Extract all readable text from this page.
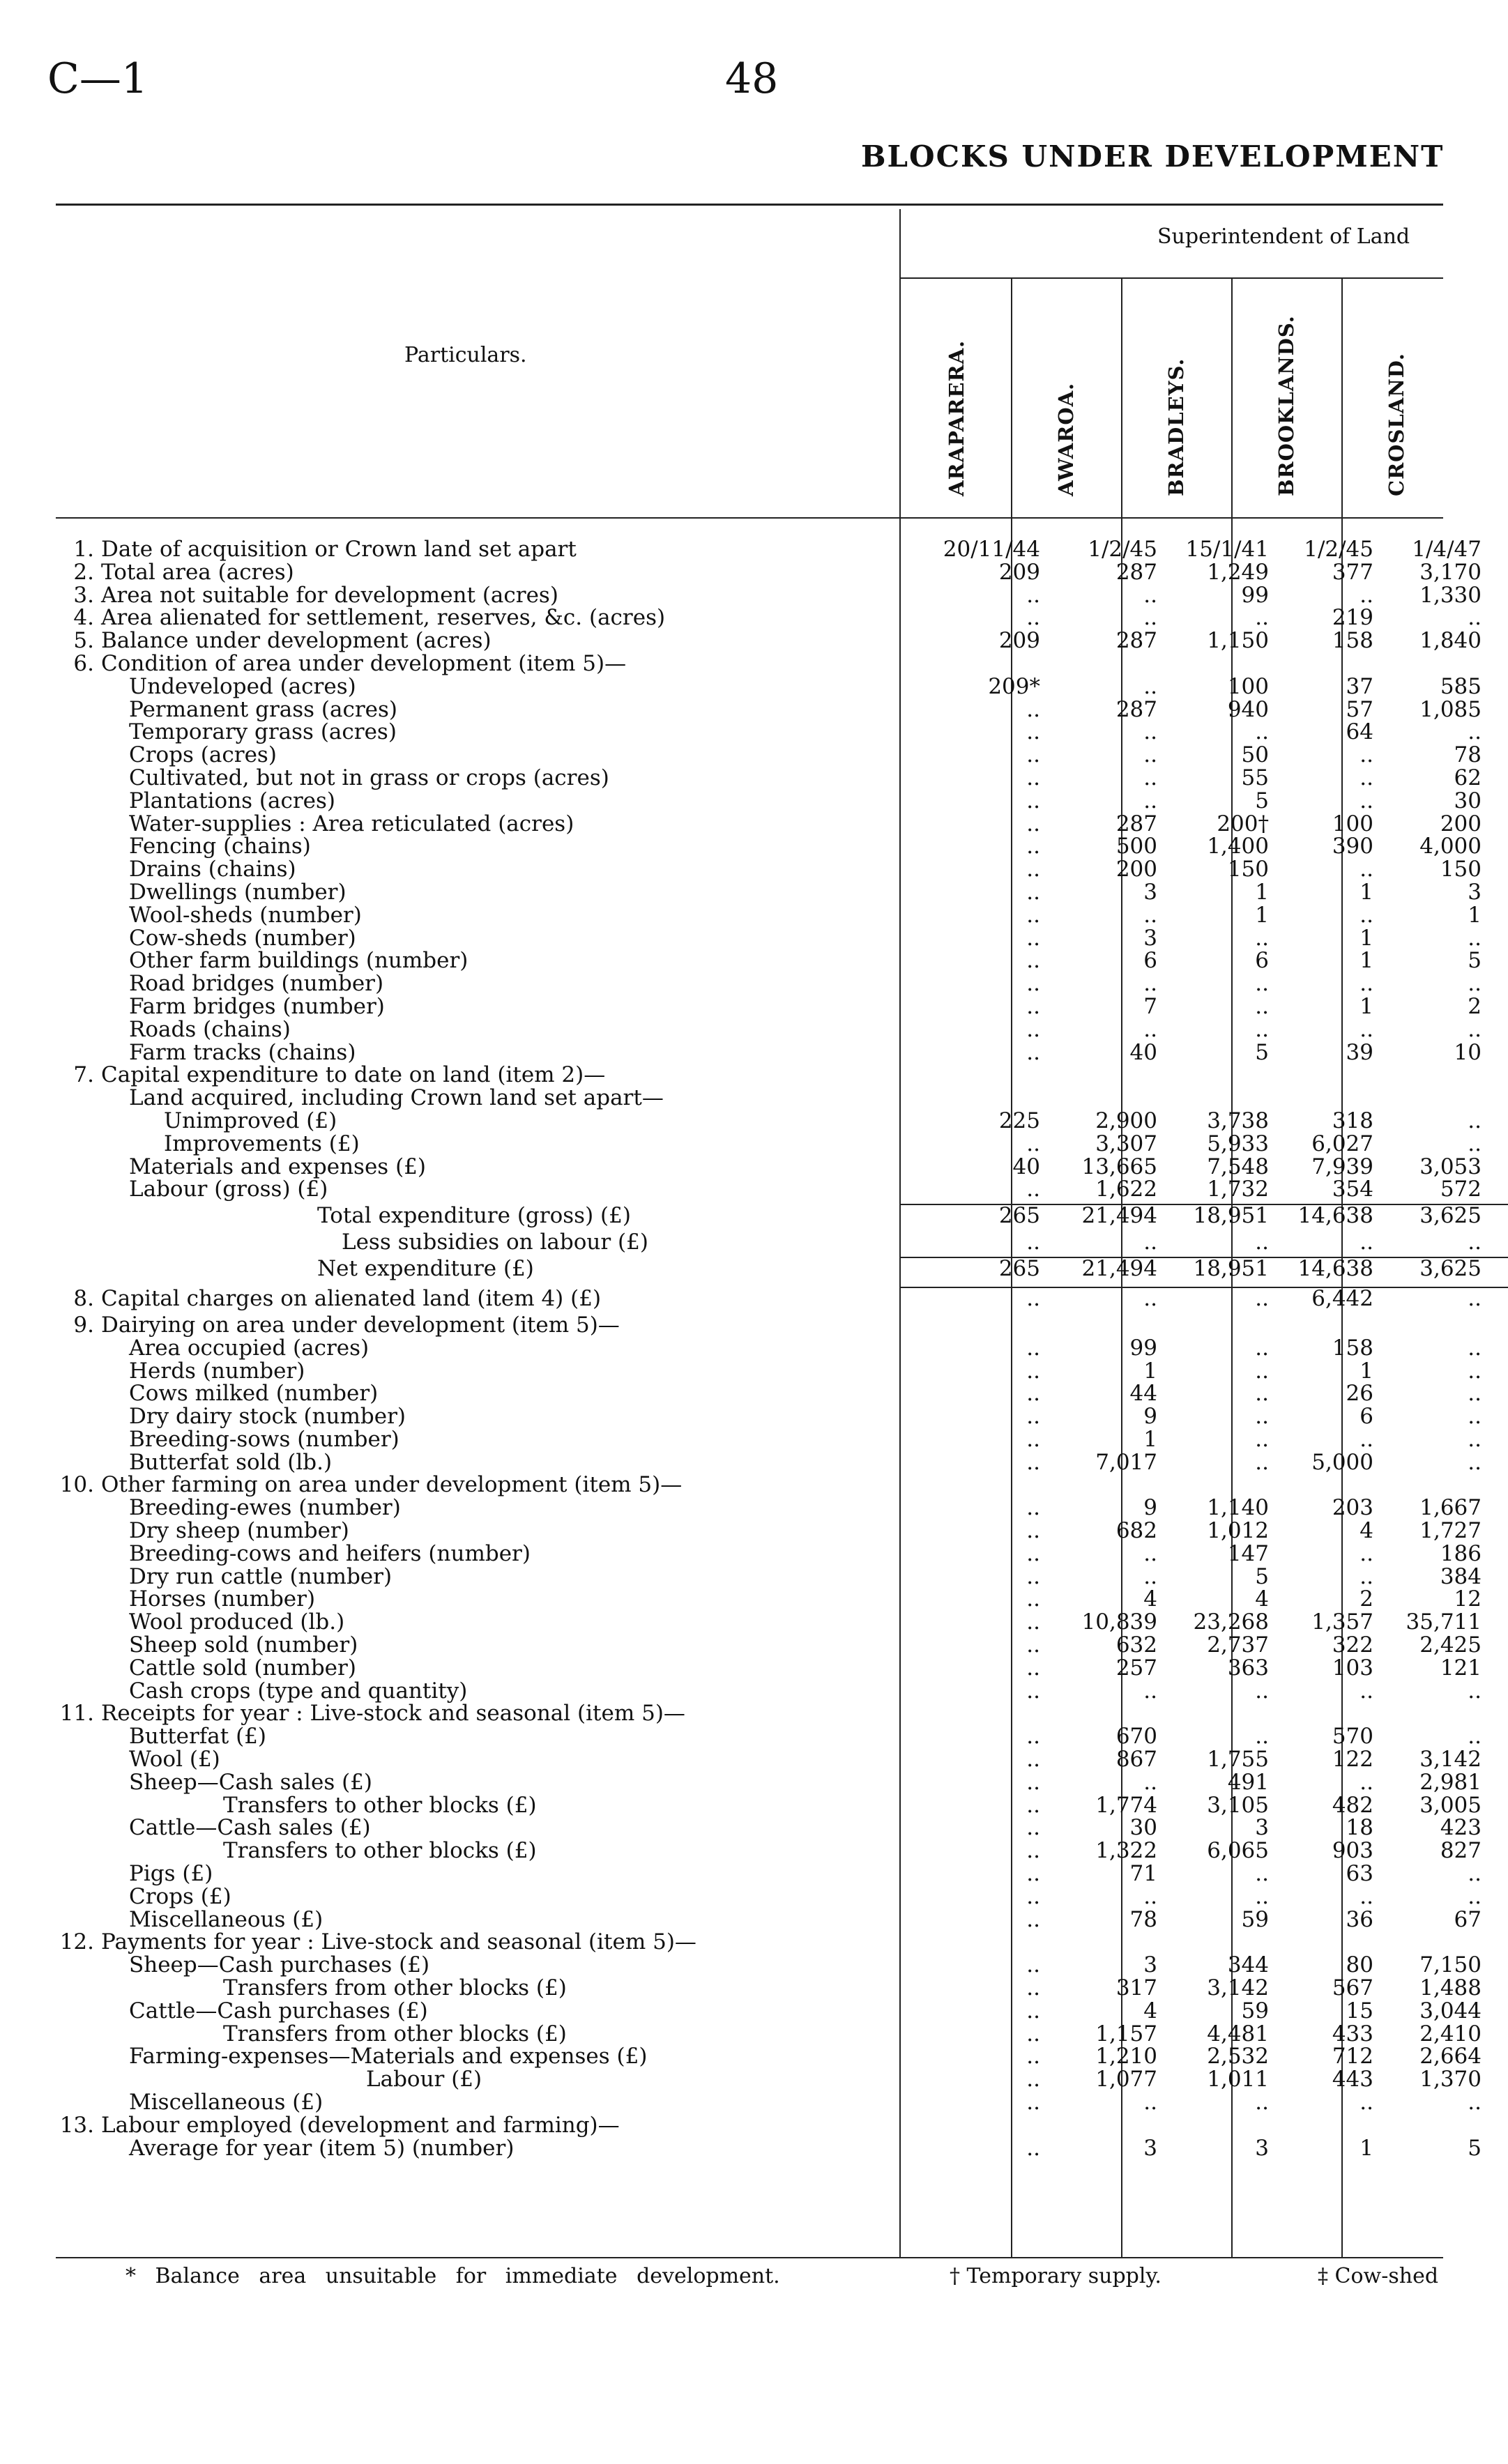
C—1	48
BLOCKS UNDER DEVELOPMENT
Superintendent of Land
Particulars.	ARAPARERA.	AWAROA.	BRADLEYS.	BROOKLANDS.	CROSLAND.
1. Date of acquisition or Crown land set apart	20/11/44	1/2/45	15/1/41	1/2/45	1/4/47
2. Total area (acres)	209	287	1,249	377	3,170
3. Area not suitable for development (acres)	..	..	99	..	1,330
4. Area alienated for settlement, reserves, &c. (acres)	..	..	..	219	..
5. Balance under development (acres)	209	287	1,150	158	1,840
6. Condition of area under development (item 5)—
Undeveloped (acres)	209*	..	100	37	585
Permanent grass (acres)	..	287	940	57	1,085
Temporary grass (acres)	..	..	..	64	..
Crops (acres)	..	..	50	..	78
Cultivated, but not in grass or crops (acres)	..	..	55	..	62
Plantations (acres)	..	..	5	..	30
Water-supplies : Area reticulated (acres)	..	287	200†	100	200
Fencing (chains)	..	500	1,400	390	4,000
Drains (chains)	..	200	150	..	150
Dwellings (number)	..	3	1	1	3
Wool-sheds (number)	..	..	1	..	1
Cow-sheds (number)	..	3	..	1	..
Other farm buildings (number)	..	6	6	1	5
Road bridges (number)	..	..	..	..	..
Farm bridges (number)	..	7	..	1	2
Roads (chains)	..	..	..	..	..
Farm tracks (chains)	..	40	5	39	10
7. Capital expenditure to date on land (item 2)—
Land acquired, including Crown land set apart—
Unimproved (£)	225	2,900	3,738	318	..
Improvements (£)	..	3,307	5,933	6,027	..
Materials and expenses (£)	40	13,665	7,548	7,939	3,053
Labour (gross) (£)	..	1,622	1,732	354	572
Total expenditure (gross) (£)	265	21,494	18,951	14,638	3,625
Less subsidies on labour (£)	..	..	..	..	..
Net expenditure (£)	265	21,494	18,951	14,638	3,625
8. Capital charges on alienated land (item 4) (£)	..	..	..	6,442	..
9. Dairying on area under development (item 5)—
Area occupied (acres)	..	99	..	158	..
Herds (number)	..	1	..	1	..
Cows milked (number)	..	44	..	26	..
Dry dairy stock (number)	..	9	..	6	..
Breeding-sows (number)	..	1	..	..	..
Butterfat sold (lb.)	..	7,017	..	5,000	..
10. Other farming on area under development (item 5)—
Breeding-ewes (number)	..	9	1,140	203	1,667
Dry sheep (number)	..	682	1,012	4	1,727
Breeding-cows and heifers (number)	..	..	147	..	186
Dry run cattle (number)	..	..	5	..	384
Horses (number)	..	4	4	2	12
Wool produced (lb.)	..	10,839	23,268	1,357	35,711
Sheep sold (number)	..	632	2,737	322	2,425
Cattle sold (number)	..	257	363	103	121
Cash crops (type and quantity)	..	..	..	..	..
11. Receipts for year : Live-stock and seasonal (item 5)—
Butterfat (£)	..	670	..	570	..
Wool (£)	..	867	1,755	122	3,142
Sheep—Cash sales (£)	..	..	491	..	2,981
Transfers to other blocks (£)	..	1,774	3,105	482	3,005
Cattle—Cash sales (£)	..	30	3	18	423
Transfers to other blocks (£)	..	1,322	6,065	903	827
Pigs (£)	..	71	..	63	..
Crops (£)	..	..	..	..	..
Miscellaneous (£)	..	78	59	36	67
12. Payments for year : Live-stock and seasonal (item 5)—
Sheep—Cash purchases (£)	..	3	344	80	7,150
Transfers from other blocks (£)	..	317	3,142	567	1,488
Cattle—Cash purchases (£)	..	4	59	15	3,044
Transfers from other blocks (£)	..	1,157	4,481	433	2,410
Farming-expenses—Materials and expenses (£)	..	1,210	2,532	712	2,664
Labour (£)	..	1,077	1,011	443	1,370
Miscellaneous (£)	..	..	..	..	..
13. Labour employed (development and farming)—
Average for year (item 5) (number)	..	3	3	1	5
* Balance area unsuitable for immediate development.	† Temporary supply.	‡ Cow-shed
